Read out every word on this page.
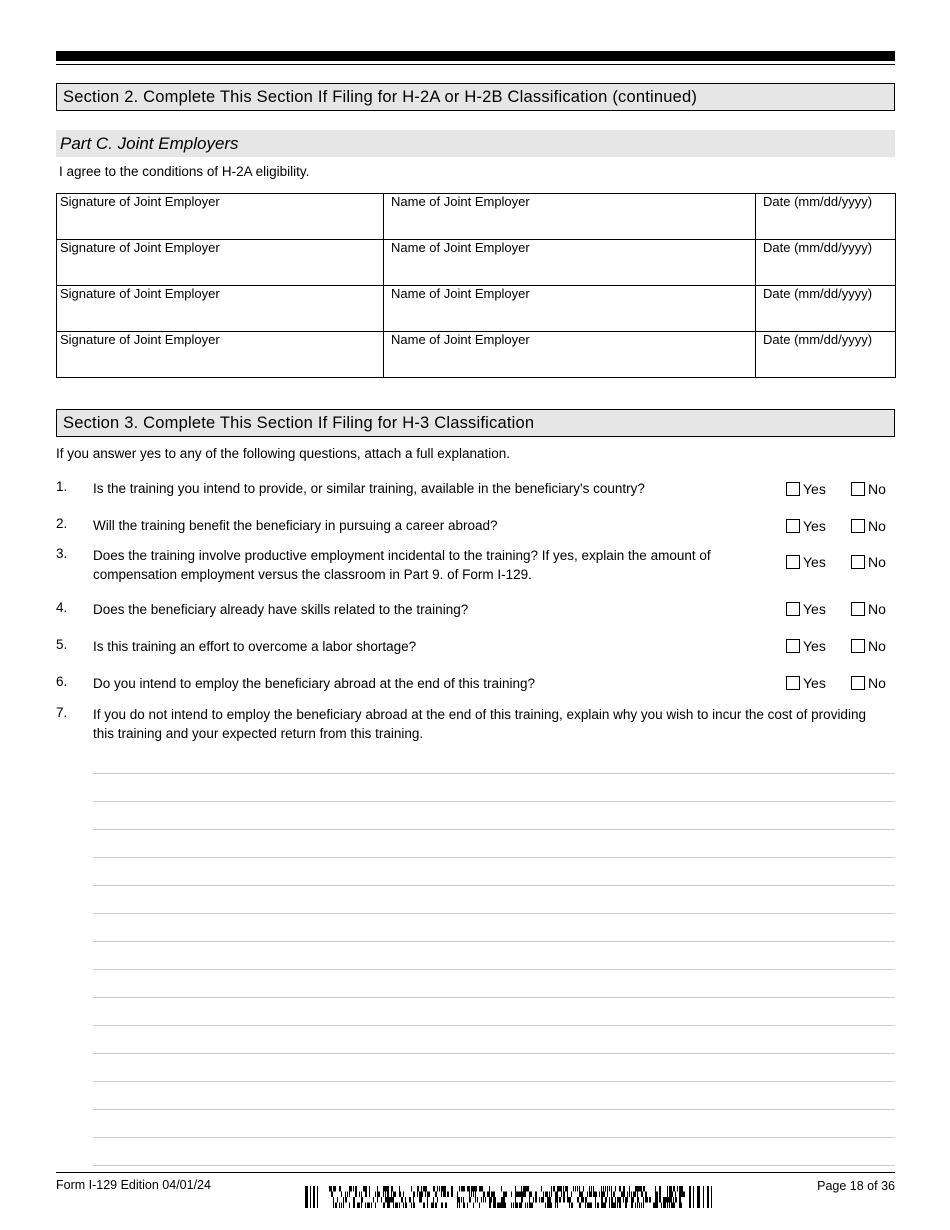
Section 2. Complete This Section If Filing for H-2A or H-2B Classification (continued)
Part C. Joint Employers
I agree to the conditions of H-2A eligibility.
Signature of Joint Employer	Name of Joint Employer	Date (mm/dd/yyyy)
Signature of Joint Employer	Name of Joint Employer	Date (mm/dd/yyyy)
Signature of Joint Employer	Name of Joint Employer	Date (mm/dd/yyyy)
Signature of Joint Employer	Name of Joint Employer	Date (mm/dd/yyyy)
Section 3. Complete This Section If Filing for H-3 Classification
If you answer yes to any of the following questions, attach a full explanation.
1.	Is the training you intend to provide, or similar training, available in the beneficiary's country?	Yes	No
2.	Will the training benefit the beneficiary in pursuing a career abroad?	Yes	No
3.	Does the training involve productive employment incidental to the training? If yes, explain the amount of compensation employment versus the classroom in Part 9. of Form I-129.
Yes	No
4.	Does the beneficiary already have skills related to the training?	Yes	No
5.	Is this training an effort to overcome a labor shortage?	Yes	No
6.	Do you intend to employ the beneficiary abroad at the end of this training?	Yes	No
7.	If you do not intend to employ the beneficiary abroad at the end of this training, explain why you wish to incur the cost of providing this training and your expected return from this training.
Form I-129 Edition 04/01/24	Page 18 of 36
